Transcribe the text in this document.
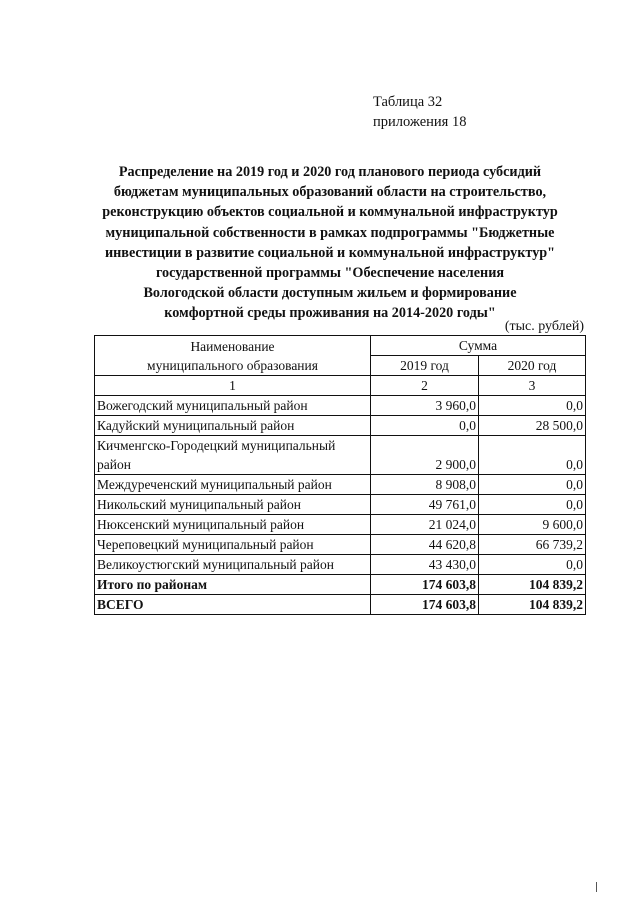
Таблица 32
приложения 18
Распределение на 2019 год и 2020 год планового периода субсидий
бюджетам муниципальных образований области на строительство,
реконструкцию объектов социальной и коммунальной инфраструктур
муниципальной собственности в рамках подпрограммы "Бюджетные
инвестиции в развитие социальной и коммунальной инфраструктур"
государственной программы "Обеспечение населения
Вологодской области доступным жильем и формирование
комфортной среды проживания на 2014-2020 годы"
(тыс. рублей)
Наименование	Сумма	
муниципального образования	2019 год	2020 год
1	2	3
Вожегодский муниципальный район	3 960,0	0,0
Кадуйский муниципальный район	0,0	28 500,0
Кичменгско-Городецкий муниципальный район	2 900,0	0,0
Междуреченский муниципальный район	8 908,0	0,0
Никольский муниципальный район	49 761,0	0,0
Нюксенский муниципальный район	21 024,0	9 600,0
Череповецкий муниципальный район	44 620,8	66 739,2
Великоустюгский муниципальный район	43 430,0	0,0
Итого по районам	174 603,8	104 839,2
ВСЕГО	174 603,8	104 839,2
